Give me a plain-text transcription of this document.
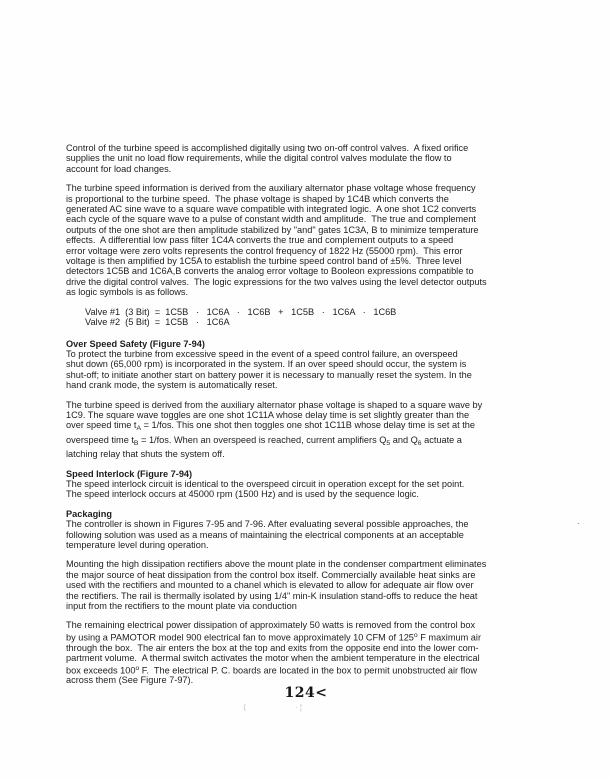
Control of the turbine speed is accomplished digitally using two on-off control valves.  A fixed orifice
supplies the unit no load flow requirements, while the digital control valves modulate the flow to
account for load changes.
The turbine speed information is derived from the auxiliary alternator phase voltage whose frequency
is proportional to the turbine speed.  The phase voltage is shaped by 1C4B which converts the
generated AC sine wave to a square wave compatible with integrated logic.  A one shot 1C2 converts
each cycle of the square wave to a pulse of constant width and amplitude.  The true and complement
outputs of the one shot are then amplitude stabilized by "and" gates 1C3A, B to minimize temperature
effects.  A differential low pass filter 1C4A converts the true and complement outputs to a speed
error voltage were zero volts represents the control frequency of 1822 Hz (55000 rpm).  This error
voltage is then amplified by 1C5A to establish the turbine speed control band of ±5%.  Three level
detectors 1C5B and 1C6A,B converts the analog error voltage to Booleon expressions compatible to
drive the digital control valves.  The logic expressions for the two valves using the level detector outputs
as logic symbols is as follows.
Valve #1  (3 Bit)  =  1C5B   ·   1C6A   ·   1C6B   +   1C5B   ·   1C6A   ·   1C6B
Valve #2  (5 Bit)  =  1C5B   ·   1C6A
Over Speed Safety (Figure 7-94)
To protect the turbine from excessive speed in the event of a speed control failure, an overspeed
shut down (65,000 rpm) is incorporated in the system. If an over speed should occur, the system is
shut-off; to initiate another start on battery power it is necessary to manually reset the system. In the
hand crank mode, the system is automatically reset.
The turbine speed is derived from the auxiliary alternator phase voltage is shaped to a square wave by
1C9. The square wave toggles are one shot 1C11A whose delay time is set slightly greater than the
over speed time $t_A = 1/fos$. This one shot then toggles one shot 1C11B whose delay time is set at the
overspeed time $t_B = 1/fos$. When an overspeed is reached, current amplifiers $Q_5$ and $Q_6$ actuate a
latching relay that shuts the system off.
Speed Interlock (Figure 7-94)
The speed interlock circuit is identical to the overspeed circuit in operation except for the set point.
The speed interlock occurs at 45000 rpm (1500 Hz) and is used by the sequence logic.
Packaging
The controller is shown in Figures 7-95 and 7-96. After evaluating several possible approaches, the
following solution was used as a means of maintaining the electrical components at an acceptable
temperature level during operation.
Mounting the high dissipation rectifiers above the mount plate in the condenser compartment eliminates
the major source of heat dissipation from the control box itself. Commercially available heat sinks are
used with the rectifiers and mounted to a chanel which is elevated to allow for adequate air flow over
the rectifiers. The rail is thermally isolated by using 1/4" min-K insulation stand-offs to reduce the heat
input from the rectifiers to the mount plate via conduction
The remaining electrical power dissipation of approximately 50 watts is removed from the control box
by using a PAMOTOR model 900 electrical fan to move approximately 10 CFM of 125$^o$ F maximum air
through the box.  The air enters the box at the top and exits from the opposite end into the lower com-
partment volume.  A thermal switch activates the motor when the ambient temperature in the electrical
box exceeds 100$^o$ F.  The electrical P. C. boards are located in the box to permit unobstructed air flow
across them (See Figure 7-97).
124<
⟨	· ¦
.
